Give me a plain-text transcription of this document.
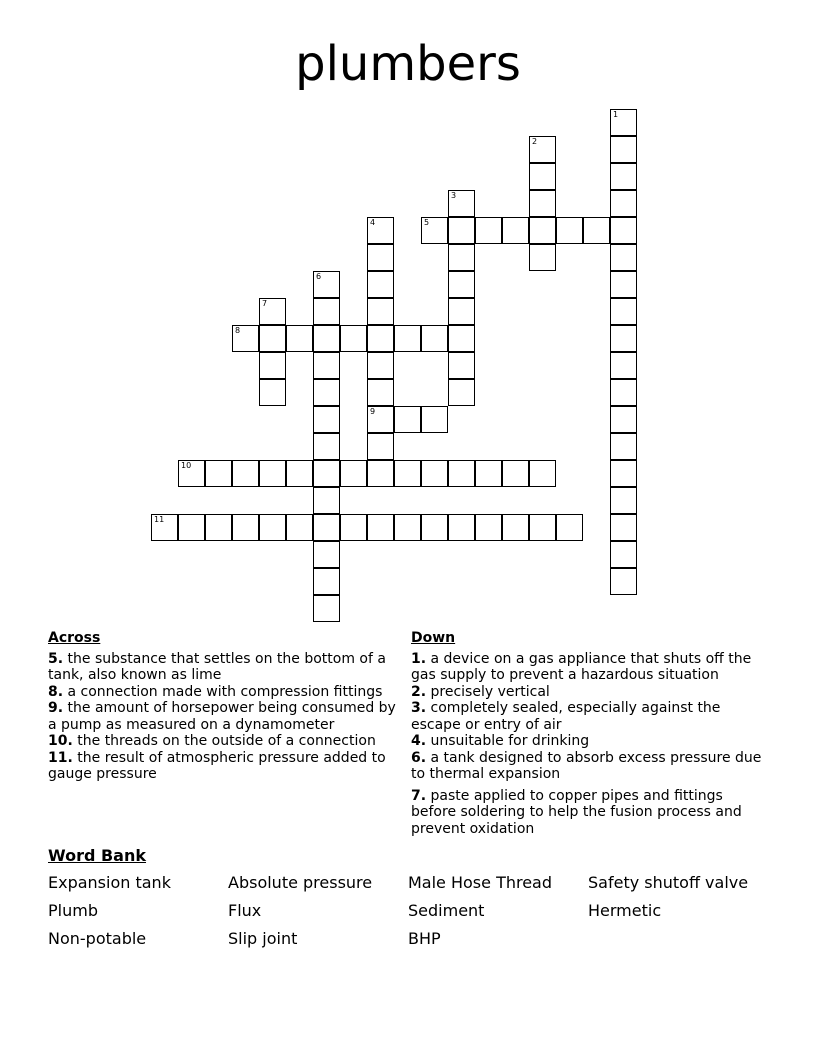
plumbers
1
2
3
4
9
5
6
7
8
10
11
Across
5. the substance that settles on the bottom of a tank, also known as lime
8. a connection made with compression fittings
9. the amount of horsepower being consumed by a pump as measured on a dynamometer
10. the threads on the outside of a connection
11. the result of atmospheric pressure added to gauge pressure
Down
1. a device on a gas appliance that shuts off the gas supply to prevent a hazardous situation
2. precisely vertical
3. completely sealed, especially against the escape or entry of air
4. unsuitable for drinking
6. a tank designed to absorb excess pressure due to thermal expansion
7. paste applied to copper pipes and fittings before soldering to help the fusion process and prevent oxidation
Word Bank
Expansion tank	Absolute pressure	Male Hose Thread	Safety shutoff valve
Plumb	Flux	Sediment	Hermetic
Non-potable	Slip joint	BHP
